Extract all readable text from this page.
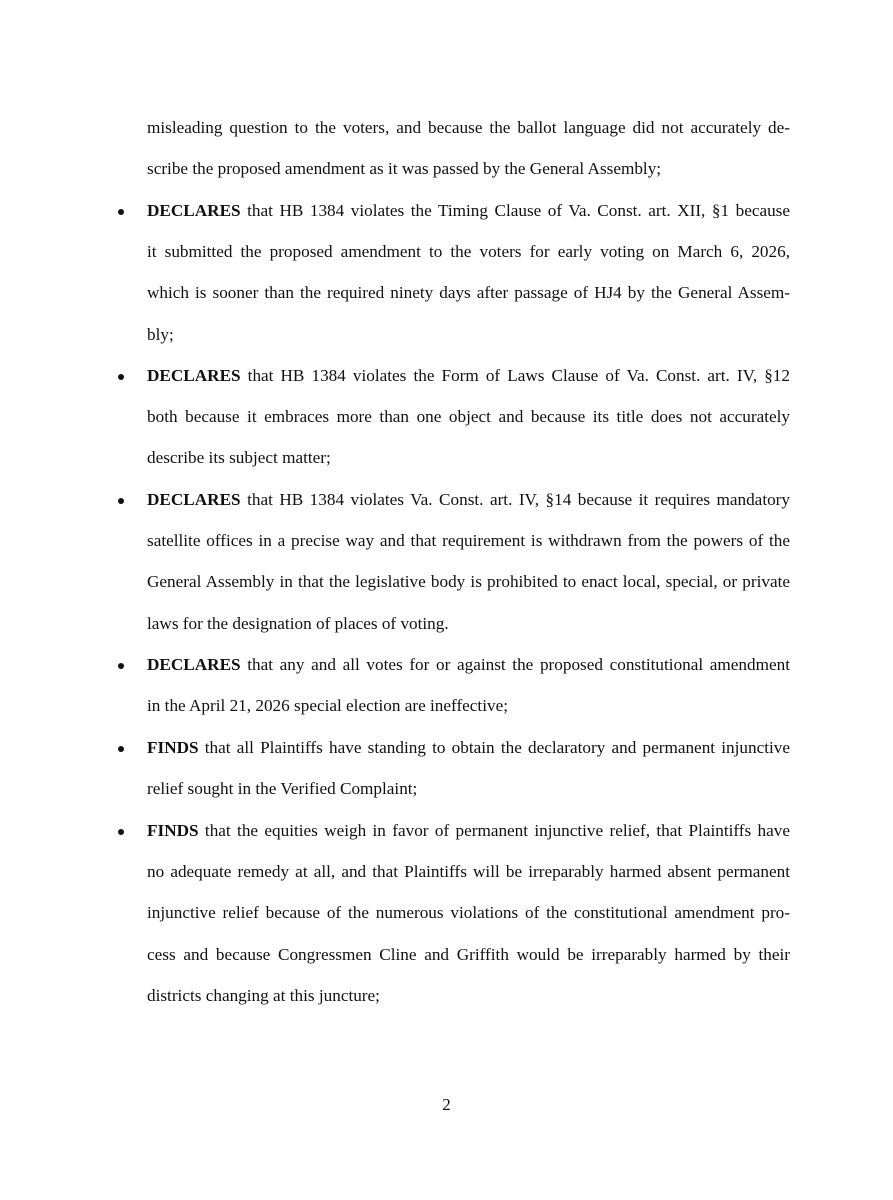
misleading question to the voters, and because the ballot language did not accurately de-
scribe the proposed amendment as it was passed by the General Assembly;
DECLARES that HB 1384 violates the Timing Clause of Va. Const. art. XII, §1 because
it submitted the proposed amendment to the voters for early voting on March 6, 2026,
which is sooner than the required ninety days after passage of HJ4 by the General Assem-
bly;
DECLARES that HB 1384 violates the Form of Laws Clause of Va. Const. art. IV, §12
both because it embraces more than one object and because its title does not accurately
describe its subject matter;
DECLARES that HB 1384 violates Va. Const. art. IV, §14 because it requires mandatory
satellite offices in a precise way and that requirement is withdrawn from the powers of the
General Assembly in that the legislative body is prohibited to enact local, special, or private
laws for the designation of places of voting.
DECLARES that any and all votes for or against the proposed constitutional amendment
in the April 21, 2026 special election are ineffective;
FINDS that all Plaintiffs have standing to obtain the declaratory and permanent injunctive
relief sought in the Verified Complaint;
FINDS that the equities weigh in favor of permanent injunctive relief, that Plaintiffs have
no adequate remedy at all, and that Plaintiffs will be irreparably harmed absent permanent
injunctive relief because of the numerous violations of the constitutional amendment pro-
cess and because Congressmen Cline and Griffith would be irreparably harmed by their
districts changing at this juncture;
2
